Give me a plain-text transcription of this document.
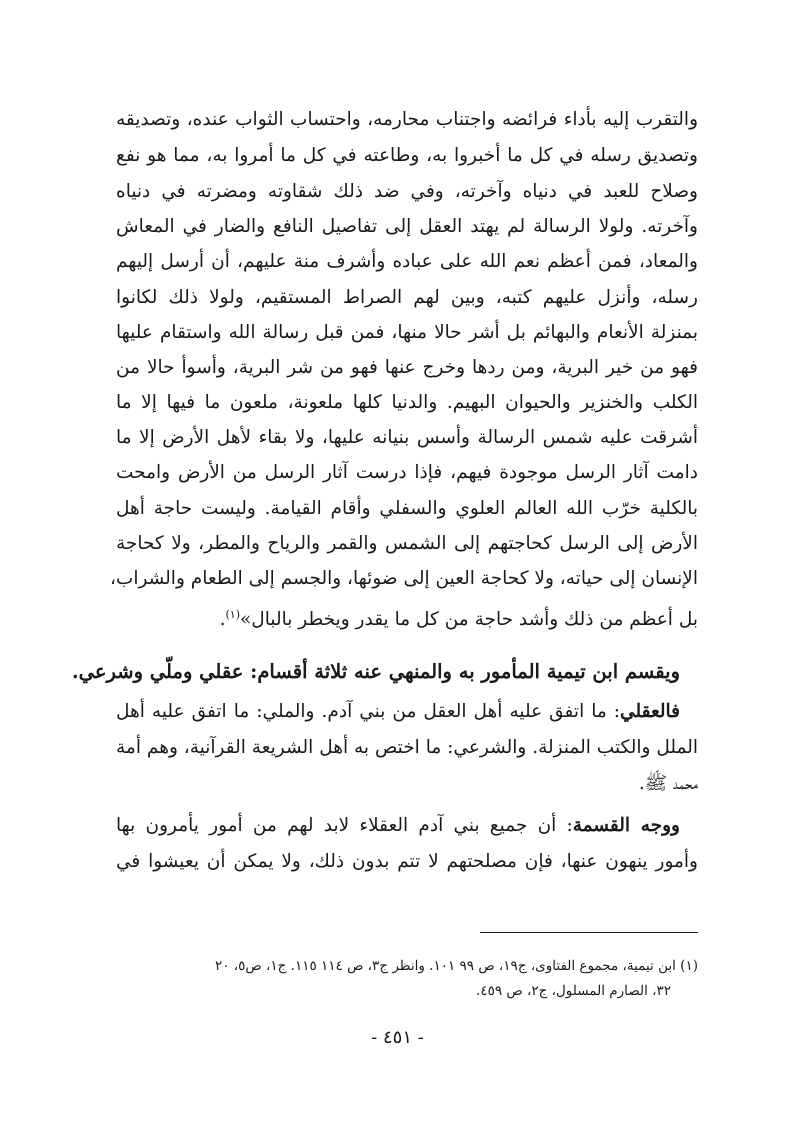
والتقرب إليه بأداء فرائضه واجتناب محارمه، واحتساب الثواب عنده، وتصديقه
وتصديق رسله في كل ما أخبروا به، وطاعته في كل ما أمروا به، مما هو نفع
وصلاح للعبد في دنياه وآخرته، وفي ضد ذلك شقاوته ومضرته في دنياه
وآخرته. ولولا الرسالة لم يهتد العقل إلى تفاصيل النافع والضار في المعاش
والمعاد، فمن أعظم نعم الله على عباده وأشرف منة عليهم، أن أرسل إليهم
رسله، وأنزل عليهم كتبه، وبين لهم الصراط المستقيم، ولولا ذلك لكانوا
بمنزلة الأنعام والبهائم بل أشر حالا منها، فمن قبل رسالة الله واستقام عليها
فهو من خير البرية، ومن ردها وخرج عنها فهو من شر البرية، وأسوأ حالا من
الكلب والخنزير والحيوان البهيم. والدنيا كلها ملعونة، ملعون ما فيها إلا ما
أشرقت عليه شمس الرسالة وأسس بنيانه عليها، ولا بقاء لأهل الأرض إلا ما
دامت آثار الرسل موجودة فيهم، فإذا درست آثار الرسل من الأرض وامحت
بالكلية خرّب الله العالم العلوي والسفلي وأقام القيامة. وليست حاجة أهل
الأرض إلى الرسل كحاجتهم إلى الشمس والقمر والرياح والمطر، ولا كحاجة
الإنسان إلى حياته، ولا كحاجة العين إلى ضوئها، والجسم إلى الطعام والشراب،
بل أعظم من ذلك وأشد حاجة من كل ما يقدر ويخطر بالبال»$^{(١)}$.
ويقسم ابن تيمية المأمور به والمنهي عنه ثلاثة أقسام: عقلي وملّي وشرعي.
فالعقلي: ما اتفق عليه أهل العقل من بني آدم. والملي: ما اتفق عليه أهل
الملل والكتب المنزلة. والشرعي: ما اختص به أهل الشريعة القرآنية، وهم أمة
محمد ﷺ.
ووجه القسمة: أن جميع بني آدم العقلاء لابد لهم من أمور يأمرون بها
وأمور ينهون عنها، فإن مصلحتهم لا تتم بدون ذلك، ولا يمكن أن يعيشوا في
(١) ابن تيمية، مجموع الفتاوى، ج١٩، ص ٩٩ ١٠١. وانظر ج٣، ص ١١٤ ١١٥. ج١، ص٥، ٢٠
٣٢، الصارم المسلول، ج٢، ص ٤٥٩.
- ٤٥١ -
